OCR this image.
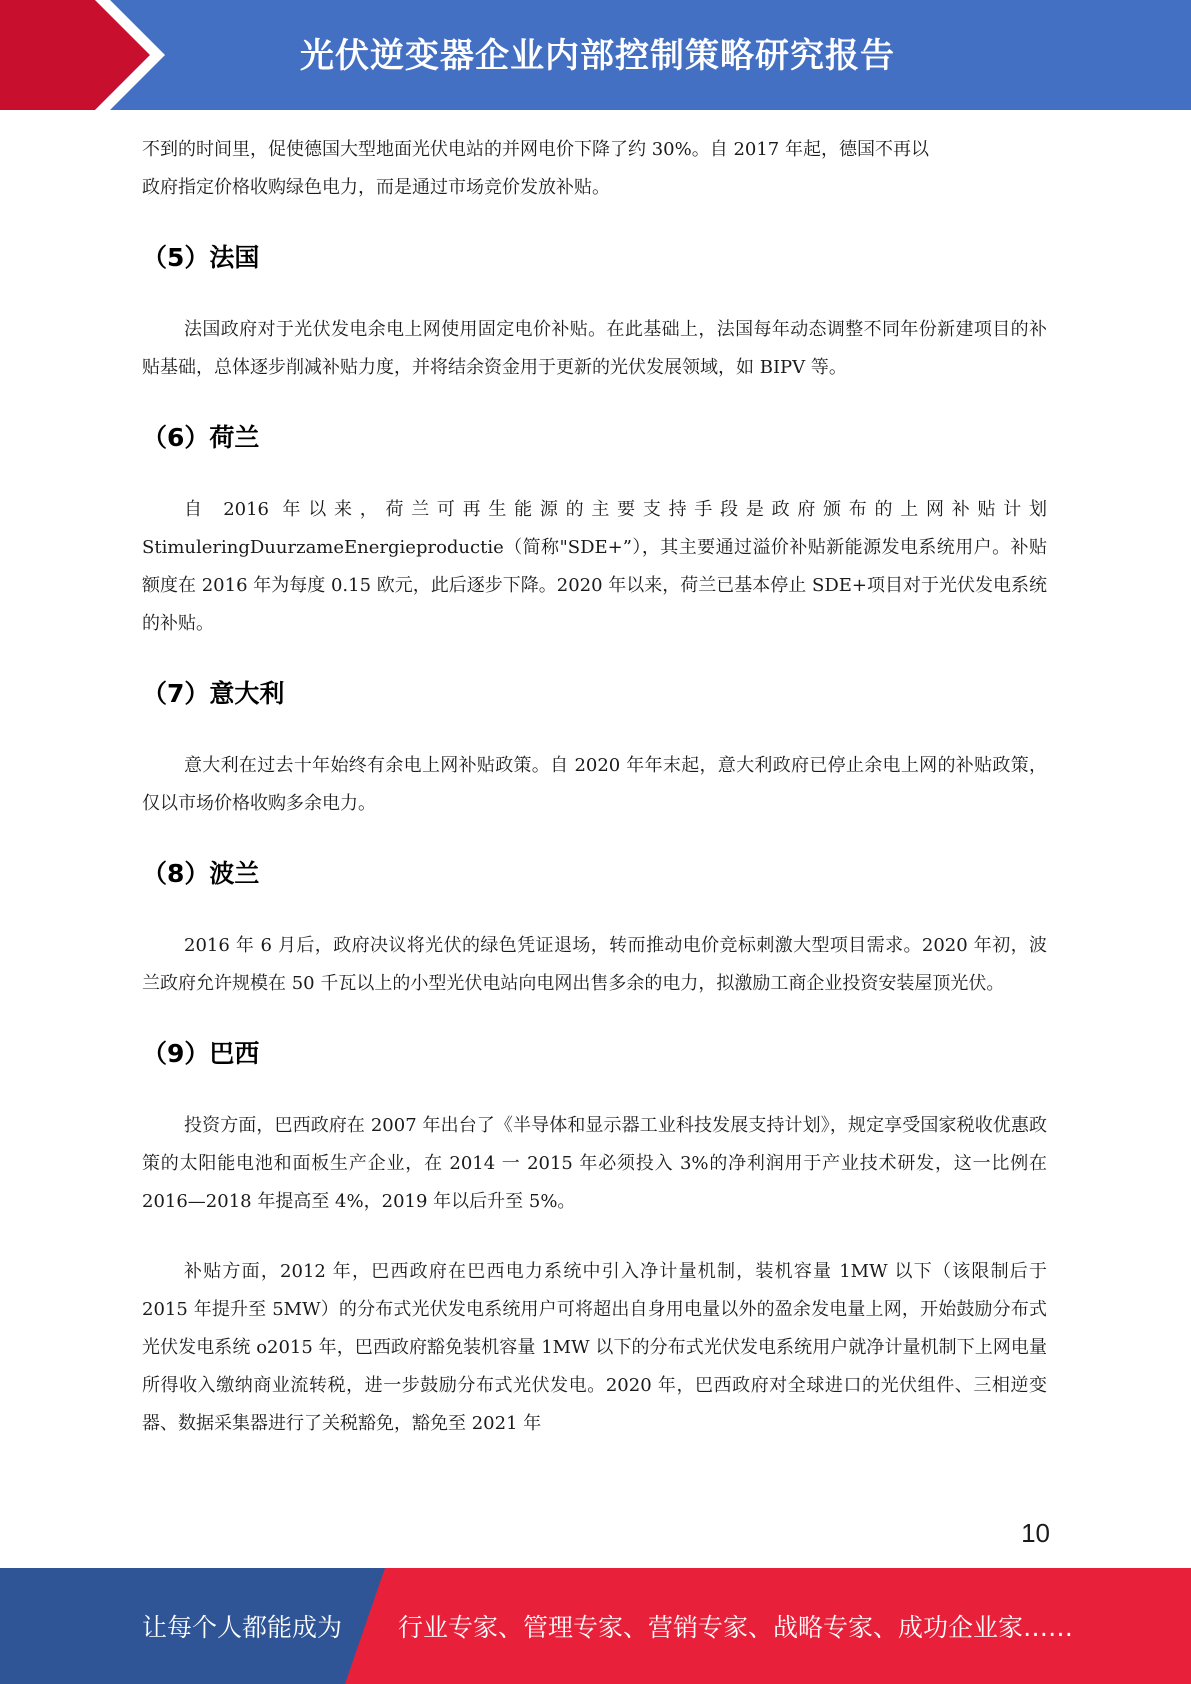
光伏逆变器企业内部控制策略研究报告

不到的时间里，促使德国大型地面光伏电站的并网电价下降了约 30%。自 2017 年起，德国不再以

政府指定价格收购绿色电力，而是通过市场竞价发放补贴。

（5）法国

法国政府对于光伏发电余电上网使用固定电价补贴。在此基础上，法国每年动态调整不同年份新建项目的补贴基础，总体逐步削减补贴力度，并将结余资金用于更新的光伏发展领域，如 BIPV 等。

（6）荷兰

自 2016 年以来，荷兰可再生能源的主要支持手段是政府颁布的上网补贴计划 StimuleringDuurzameEnergieproductie（简称"SDE+”），其主要通过溢价补贴新能源发电系统用户。补贴额度在 2016 年为每度 0.15 欧元，此后逐步下降。2020 年以来，荷兰已基本停止 SDE+项目对于光伏发电系统的补贴。

（7）意大利

意大利在过去十年始终有余电上网补贴政策。自 2020 年年末起，意大利政府已停止余电上网的补贴政策，仅以市场价格收购多余电力。

（8）波兰

2016 年 6 月后，政府决议将光伏的绿色凭证退场，转而推动电价竞标刺激大型项目需求。2020 年初，波兰政府允许规模在 50 千瓦以上的小型光伏电站向电网出售多余的电力，拟激励工商企业投资安装屋顶光伏。

（9）巴西

投资方面，巴西政府在 2007 年出台了《半导体和显示器工业科技发展支持计划》，规定享受国家税收优惠政策的太阳能电池和面板生产企业，在 2014 一 2015 年必须投入 3%的净利润用于产业技术研发，这一比例在 2016—2018 年提高至 4%，2019 年以后升至 5%。

补贴方面，2012 年，巴西政府在巴西电力系统中引入净计量机制，装机容量 1MW 以下（该限制后于 2015 年提升至 5MW）的分布式光伏发电系统用户可将超出自身用电量以外的盈余发电量上网，开始鼓励分布式光伏发电系统 o2015 年，巴西政府豁免装机容量 1MW 以下的分布式光伏发电系统用户就净计量机制下上网电量所得收入缴纳商业流转税，进一步鼓励分布式光伏发电。2020 年，巴西政府对全球进口的光伏组件、三相逆变器、数据采集器进行了关税豁免，豁免至 2021 年

10
让每个人都能成为 行业专家、管理专家、营销专家、战略专家、成功企业家……
